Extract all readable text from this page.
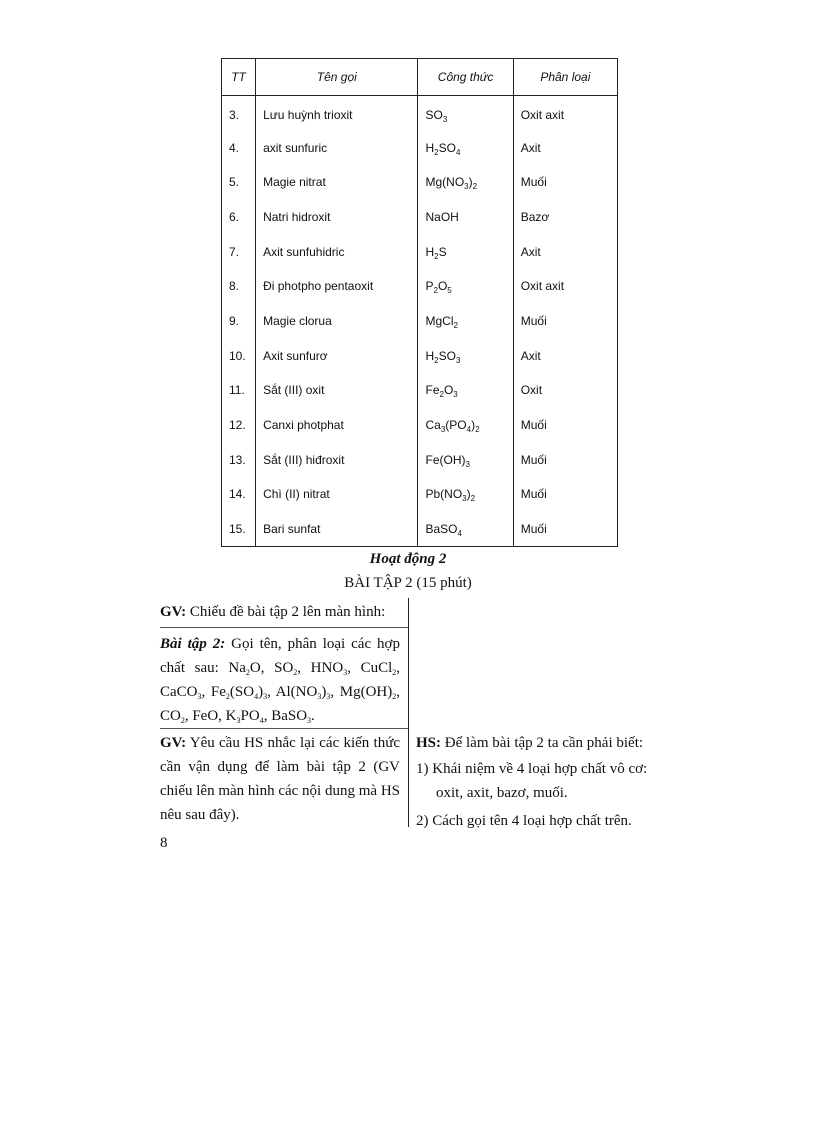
TT	Tên gọi	Công thức	Phân loại
3.	Lưu huỳnh trioxit	$SO_3$	Oxit axit
4.	axit sunfuric	$H_2SO_4$	Axit
5.	Magie nitrat	$Mg(NO_3)_2$	Muối
6.	Natri hidroxit	NaOH	Bazơ
7.	Axit sunfuhidric	$H_2S$	Axit
8.	Đi photpho pentaoxit	$P_2O_5$	Oxit axit
9.	Magie clorua	MgCl$_2$	Muối
10.	Axit sunfurơ	$H_2SO_3$	Axit
11.	Sắt (III) oxit	$Fe_2O_3$	Oxit
12.	Canxi photphat	$Ca_3(PO_4)_2$	Muối
13.	Sắt (III) hiđroxit	$Fe(OH)_3$	Muối
14.	Chì (II) nitrat	$Pb(NO_3)_2$	Muối
15.	Bari sunfat	BaSO$_4$	Muối
Hoạt động 2
BÀI TẬP 2 (15 phút)
GV: Chiếu đề bài tập 2 lên màn hình:
Bài tập 2: Gọi tên, phân loại các hợp chất sau: $Na_2O$, $SO_2$, $HNO_3$, CuCl$_2$, CaCO$_3$, $Fe_2(SO_4)_3$, $Al(NO_3)_3$, $Mg(OH)_2$, $CO_2$, FeO, $K_3PO_4$, BaSO$_3$.
GV: Yêu cầu HS nhắc lại các kiến thức cần vận dụng để làm bài tập 2 (GV chiếu lên màn hình các nội dung mà HS nêu sau đây).
HS: Để làm bài tập 2 ta cần phải biết:
1) Khái niệm về 4 loại hợp chất vô cơ:
oxit, axit, bazơ, muối.
2) Cách gọi tên 4 loại hợp chất trên.
8
